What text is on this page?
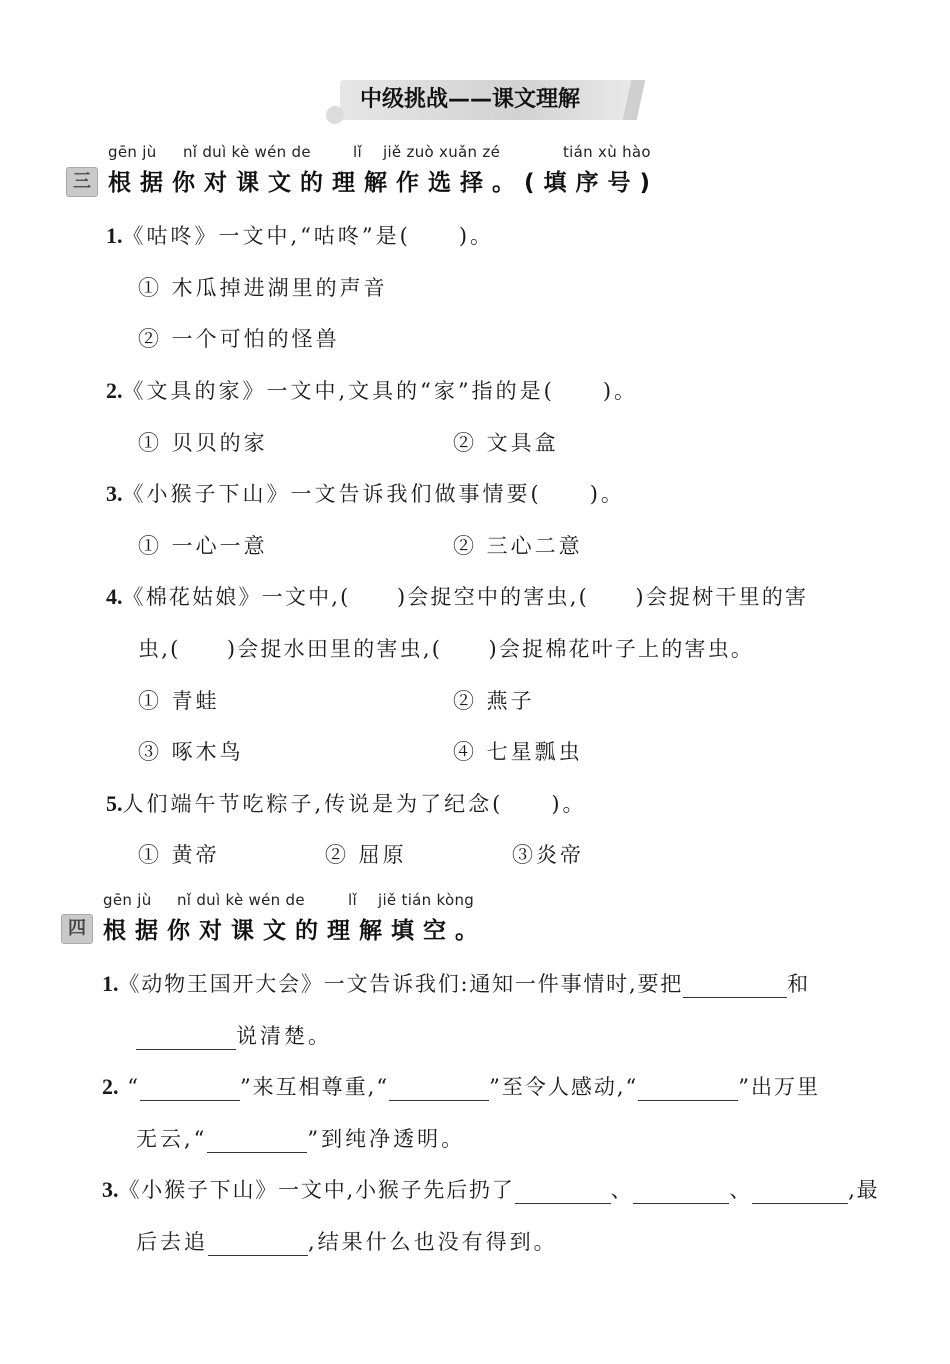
中级挑战——课文理解
gēn jù nǐ duì kè wén de	lǐ jiě zuò xuǎn zé	tián xù hào
三 根据你对课文的理解作选择。(填序号)
1.《咕咚》一文中,“咕咚”是(　　)。
① 木瓜掉进湖里的声音
② 一个可怕的怪兽
2.《文具的家》一文中,文具的“家”指的是(　　)。
① 贝贝的家	② 文具盒
3.《小猴子下山》一文告诉我们做事情要(　　)。
① 一心一意	② 三心二意
4.《棉花姑娘》一文中,(　　)会捉空中的害虫,(　　)会捉树干里的害
虫,(　　)会捉水田里的害虫,(　　)会捉棉花叶子上的害虫。
① 青蛙	② 燕子
③ 啄木鸟	④ 七星瓢虫
5.人们端午节吃粽子,传说是为了纪念(　　)。
① 黄帝	② 屈原	③炎帝
gēn jù nǐ duì kè wén de	lǐ jiě tián kòng
四 根据你对课文的理解填空。
1.《动物王国开大会》一文告诉我们:通知一件事情时,要把	和
说清楚。
2. “	”来互相尊重,“	”至令人感动,“	”出万里
无云,“	”到纯净透明。
3.《小猴子下山》一文中,小猴子先后扔了	、	、	,最
后去追	,结果什么也没有得到。
